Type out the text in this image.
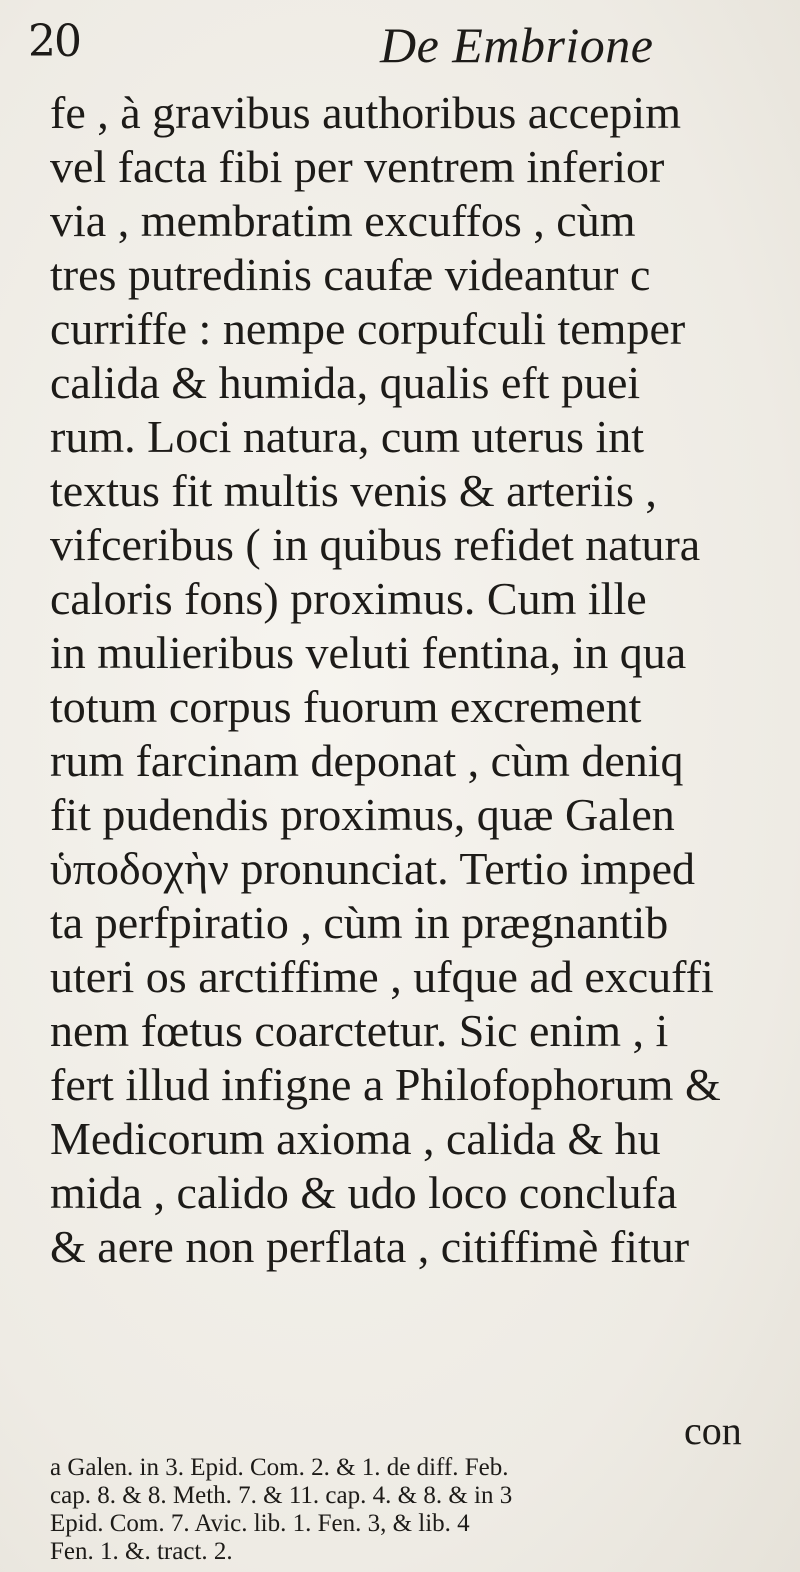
20	De Embrione
fe , à gravibus authoribus accepim
vel facta fibi per ventrem inferior
via , membratim excuffos , cùm
tres putredinis caufæ videantur c
curriffe : nempe corpufculi temper
calida & humida, qualis eft puei
rum. Loci natura, cum uterus int
textus fit multis venis & arteriis ,
vifceribus ( in quibus refidet natura
caloris fons) proximus. Cum ille
in mulieribus veluti fentina, in qua
totum corpus fuorum excrement
rum farcinam deponat , cùm deniq
fit pudendis proximus, quæ Galen
ὑποδοχὴν pronunciat. Tertio imped
ta perfpiratio , cùm in prægnantib
uteri os arctiffime , ufque ad excuffi
nem fœtus coarctetur. Sic enim , i
fert illud infigne a Philofophorum &
Medicorum axioma , calida & hu
mida , calido & udo loco conclufa
& aere non perflata , citiffimè fitur
con
a Galen. in 3. Epid. Com. 2. & 1. de diff. Feb.
cap. 8. & 8. Meth. 7. & 11. cap. 4. & 8. & in 3
Epid. Com. 7. Avic. lib. 1. Fen. 3, & lib. 4
Fen. 1. &. tract. 2.
